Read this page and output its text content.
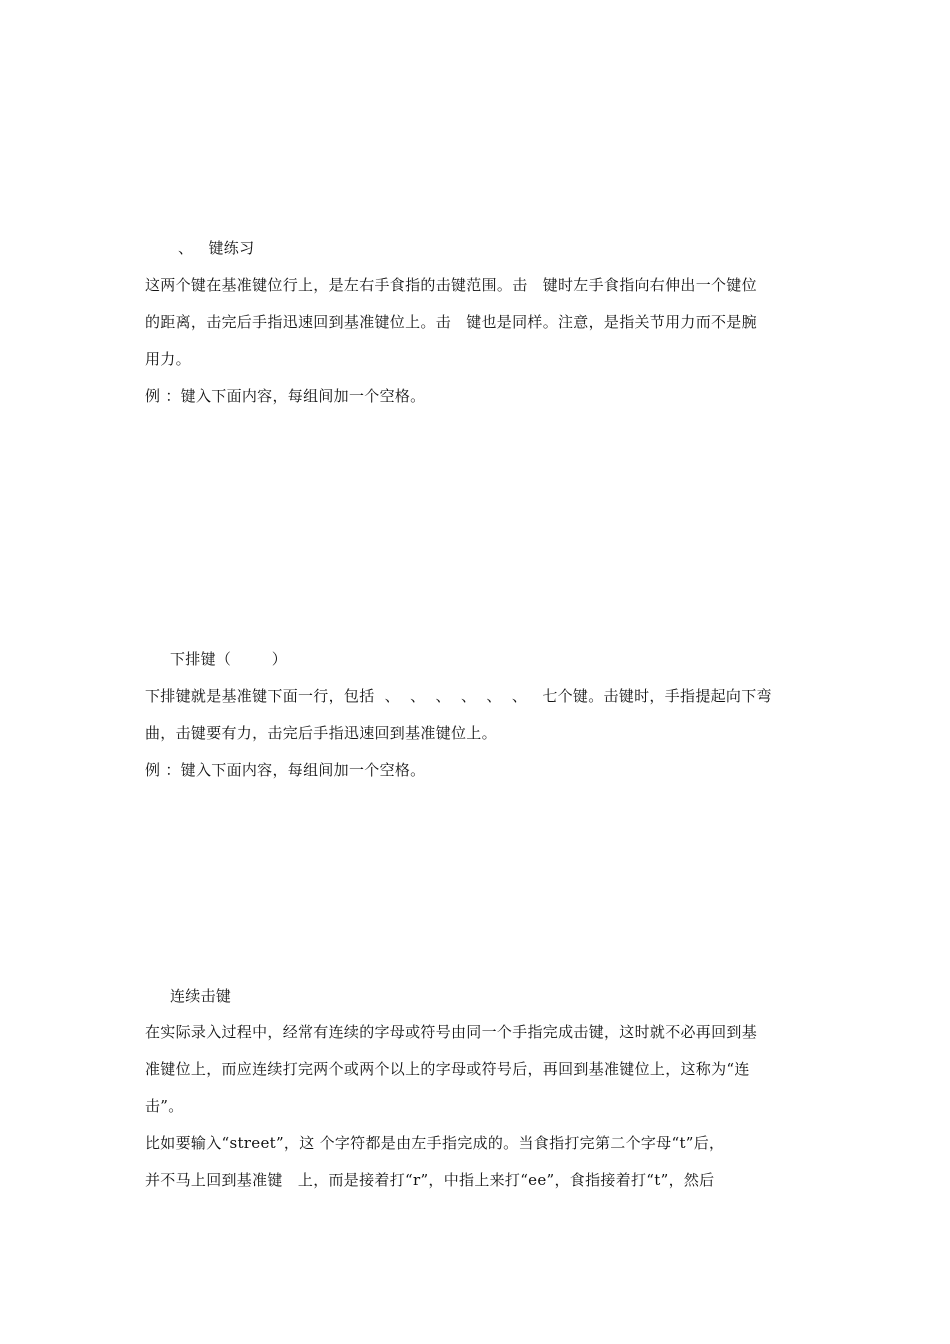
、   键练习
这两个键在基准键位行上，是左右手食指的击键范围。击   键时左手食指向右伸出一个键位
的距离，击完后手指迅速回到基准键位上。击   键也是同样。注意，是指关节用力而不是腕
用力。
例 ：键入下面内容，每组间加一个空格。
下排键（        ）
下排键就是基准键下面一行，包括  、  、  、  、  、  、   七个键。击键时，手指提起向下弯
曲，击键要有力，击完后手指迅速回到基准键位上。
例 ：键入下面内容，每组间加一个空格。
连续击键
在实际录入过程中，经常有连续的字母或符号由同一个手指完成击键，这时就不必再回到基
准键位上，而应连续打完两个或两个以上的字母或符号后，再回到基准键位上，这称为“连
击”。
比如要输入“street”，这 个字符都是由左手指完成的。当食指打完第二个字母“t”后，
并不马上回到基准键   上，而是接着打“r”，中指上来打“ee”，食指接着打“t”，然后
